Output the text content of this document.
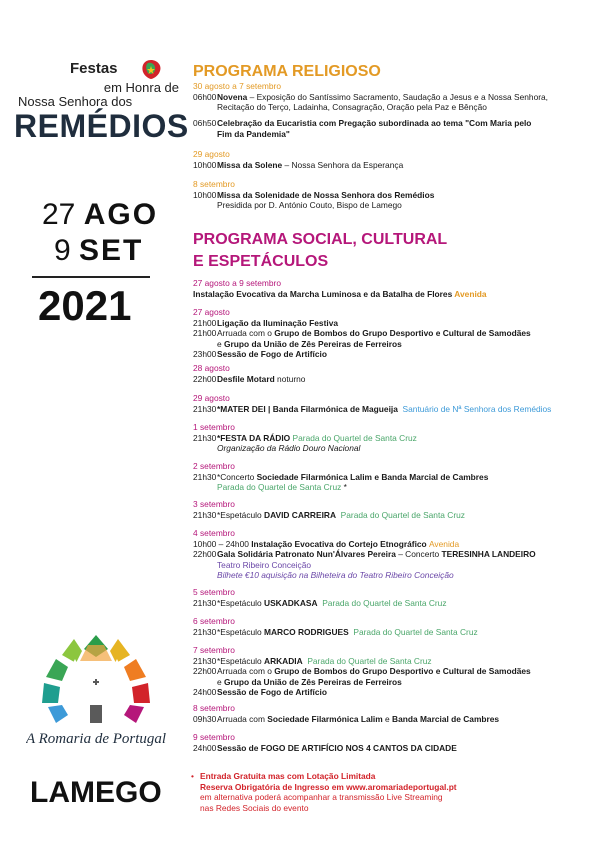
Festas
em Honra de
Nossa Senhora dos
REMÉDIOS
27 AGO
9 SET
2021
A Romaria de Portugal
LAMEGO
PROGRAMA RELIGIOSO
30 agosto a 7 setembro
06h00Novena – Exposição do Santíssimo Sacramento, Saudação a Jesus e a Nossa Senhora,
Recitação do Terço, Ladainha, Consagração, Oração pela Paz e Bênção
06h50Celebração da Eucaristia com Pregação subordinada ao tema "Com Maria pelo
Fim da Pandemia"
29 agosto
10h00Missa da Solene – Nossa Senhora da Esperança
8 setembro
10h00Missa da Solenidade de Nossa Senhora dos Remédios
Presidida por D. António Couto, Bispo de Lamego
PROGRAMA SOCIAL, CULTURAL
E ESPETÁCULOS
27 agosto a 9 setembro
Instalação Evocativa da Marcha Luminosa e da Batalha de Flores Avenida
27 agosto
21h00Ligação da Iluminação Festiva
21h00Arruada com o Grupo de Bombos do Grupo Desportivo e Cultural de Samodães
e Grupo da União de Zês Pereiras de Ferreiros
23h00Sessão de Fogo de Artifício
28 agosto
22h00Desfile Motard noturno
29 agosto
21h30*MATER DEI | Banda Filarmónica de Magueija Santuário de Nª Senhora dos Remédios
1 setembro
21h30*FESTA DA RÁDIO Parada do Quartel de Santa Cruz
Organização da Rádio Douro Nacional
2 setembro
21h30*Concerto Sociedade Filarmónica Lalim e Banda Marcial de Cambres
Parada do Quartel de Santa Cruz *
3 setembro
21h30*Espetáculo DAVID CARREIRA Parada do Quartel de Santa Cruz
4 setembro
10h00 – 24h00 Instalação Evocativa do Cortejo Etnográfico Avenida
22h00Gala Solidária Patronato Nun'Álvares Pereira – Concerto TERESINHA LANDEIRO
Teatro Ribeiro Conceição
Bilhete €10 aquisição na Bilheteira do Teatro Ribeiro Conceição
5 setembro
21h30*Espetáculo USKADKASA Parada do Quartel de Santa Cruz
6 setembro
21h30*Espetáculo MARCO RODRIGUES Parada do Quartel de Santa Cruz
7 setembro
21h30*Espetáculo ARKADIA Parada do Quartel de Santa Cruz
22h00Arruada com o Grupo de Bombos do Grupo Desportivo e Cultural de Samodães
e Grupo da União de Zês Pereiras de Ferreiros
24h00Sessão de Fogo de Artifício
8 setembro
09h30Arruada com Sociedade Filarmónica Lalim e Banda Marcial de Cambres
9 setembro
24h00Sessão de FOGO DE ARTIFÍCIO NOS 4 CANTOS DA CIDADE
• Entrada Gratuita mas com Lotação Limitada
Reserva Obrigatória de Ingresso em www.aromariadeportugal.pt
em alternativa poderá acompanhar a transmissão Live Streaming
nas Redes Sociais do evento
